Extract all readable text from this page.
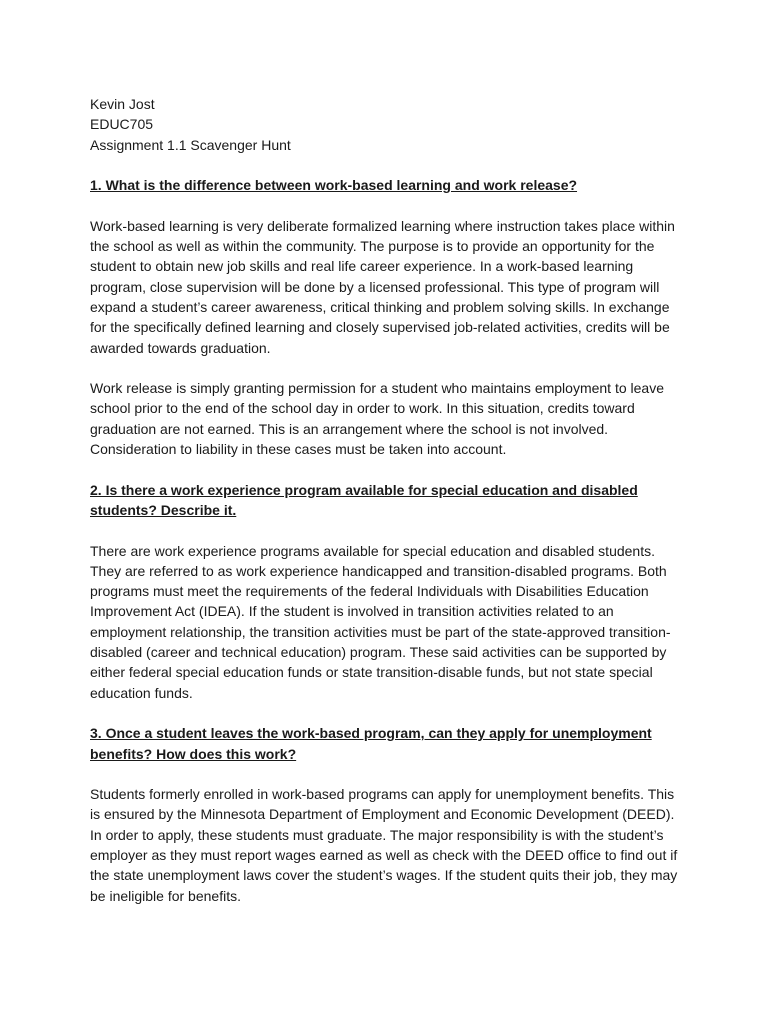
Kevin Jost
EDUC705
Assignment 1.1 Scavenger Hunt

1. What is the difference between work-based learning and work release?

Work-based learning is very deliberate formalized learning where instruction takes place within the school as well as within the community. The purpose is to provide an opportunity for the student to obtain new job skills and real life career experience. In a work-based learning program, close supervision will be done by a licensed professional. This type of program will expand a student’s career awareness, critical thinking and problem solving skills. In exchange for the specifically defined learning and closely supervised job-related activities, credits will be awarded towards graduation.

Work release is simply granting permission for a student who maintains employment to leave school prior to the end of the school day in order to work. In this situation, credits toward graduation are not earned. This is an arrangement where the school is not involved. Consideration to liability in these cases must be taken into account.

2. Is there a work experience program available for special education and disabled students? Describe it.

There are work experience programs available for special education and disabled students. They are referred to as work experience handicapped and transition-disabled programs. Both programs must meet the requirements of the federal Individuals with Disabilities Education Improvement Act (IDEA). If the student is involved in transition activities related to an employment relationship, the transition activities must be part of the state-approved transition-disabled (career and technical education) program. These said activities can be supported by either federal special education funds or state transition-disable funds, but not state special education funds.

3. Once a student leaves the work-based program, can they apply for unemployment benefits? How does this work?

Students formerly enrolled in work-based programs can apply for unemployment benefits. This is ensured by the Minnesota Department of Employment and Economic Development (DEED). In order to apply, these students must graduate. The major responsibility is with the student’s employer as they must report wages earned as well as check with the DEED office to find out if the state unemployment laws cover the student’s wages. If the student quits their job, they may be ineligible for benefits.
